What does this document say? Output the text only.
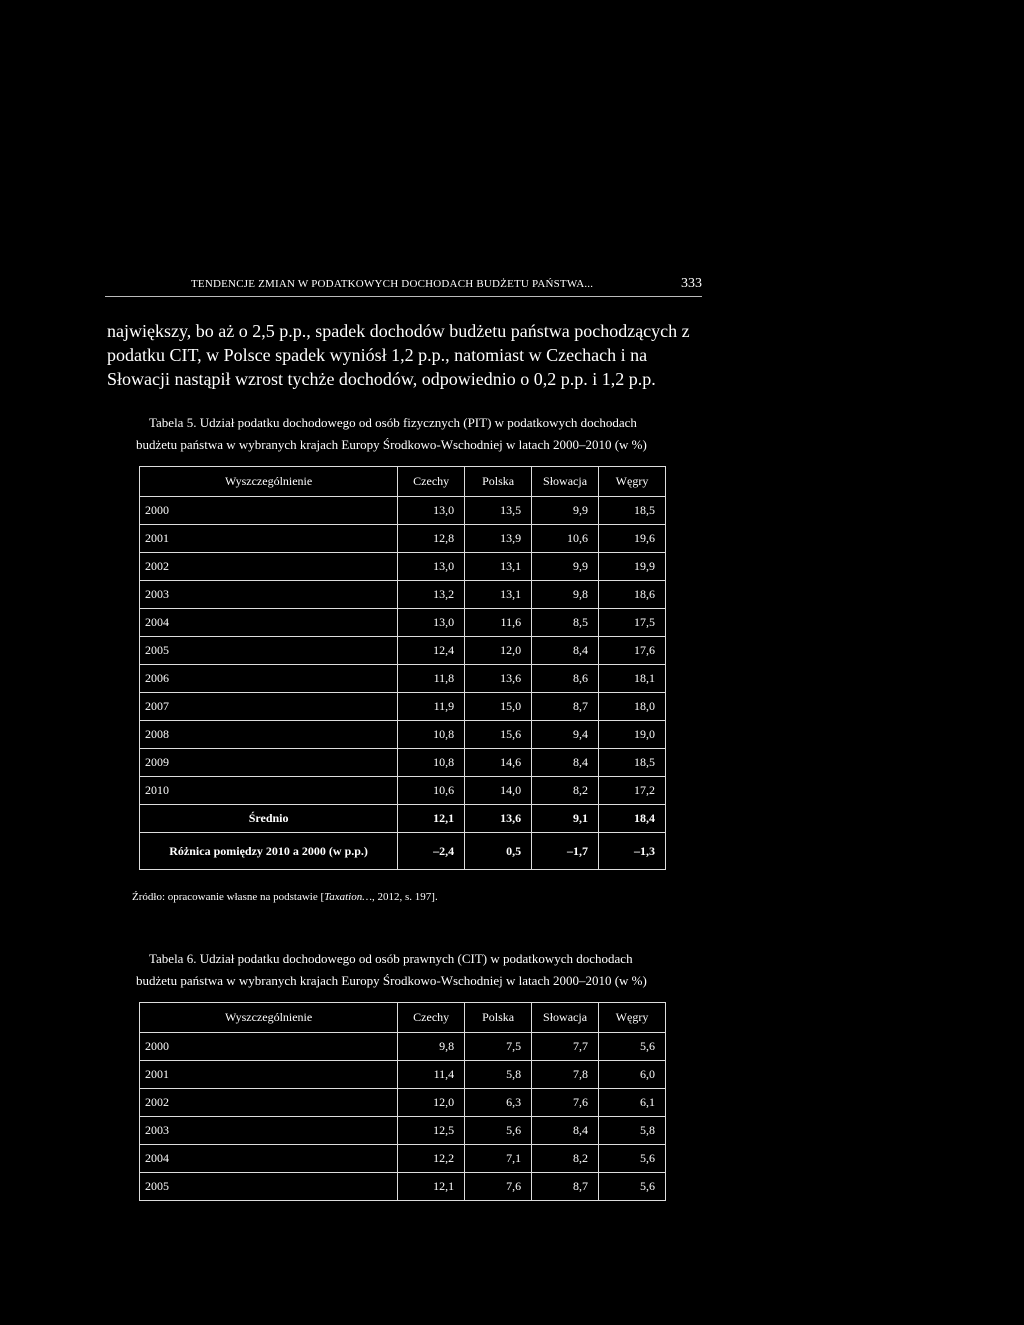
TENDENCJE ZMIAN W PODATKOWYCH DOCHODACH BUDŻETU PAŃSTWA...	333

największy, bo aż o 2,5 p.p., spadek dochodów budżetu państwa pochodzących z podatku CIT, w Polsce spadek wyniósł 1,2 p.p., natomiast w Czechach i na Słowacji nastąpił wzrost tychże dochodów, odpowiednio o 0,2 p.p. i 1,2 p.p.

Tabela 5. Udział podatku dochodowego od osób fizycznych (PIT) w podatkowych dochodach
budżetu państwa w wybranych krajach Europy Środkowo-Wschodniej w latach 2000–2010 (w %)

Wyszczególnienie	Czechy	Polska	Słowacja	Węgry
2000	13,0	13,5	9,9	18,5
2001	12,8	13,9	10,6	19,6
2002	13,0	13,1	9,9	19,9
2003	13,2	13,1	9,8	18,6
2004	13,0	11,6	8,5	17,5
2005	12,4	12,0	8,4	17,6
2006	11,8	13,6	8,6	18,1
2007	11,9	15,0	8,7	18,0
2008	10,8	15,6	9,4	19,0
2009	10,8	14,6	8,4	18,5
2010	10,6	14,0	8,2	17,2
Średnio	12,1	13,6	9,1	18,4
Różnica pomiędzy 2010 a 2000 (w p.p.)	–2,4	0,5	–1,7	–1,3
Źródło: opracowanie własne na podstawie [Taxation…, 2012, s. 197].

Tabela 6. Udział podatku dochodowego od osób prawnych (CIT) w podatkowych dochodach
budżetu państwa w wybranych krajach Europy Środkowo-Wschodniej w latach 2000–2010 (w %)

Wyszczególnienie	Czechy	Polska	Słowacja	Węgry
2000	9,8	7,5	7,7	5,6
2001	11,4	5,8	7,8	6,0
2002	12,0	6,3	7,6	6,1
2003	12,5	5,6	8,4	5,8
2004	12,2	7,1	8,2	5,6
2005	12,1	7,6	8,7	5,6
